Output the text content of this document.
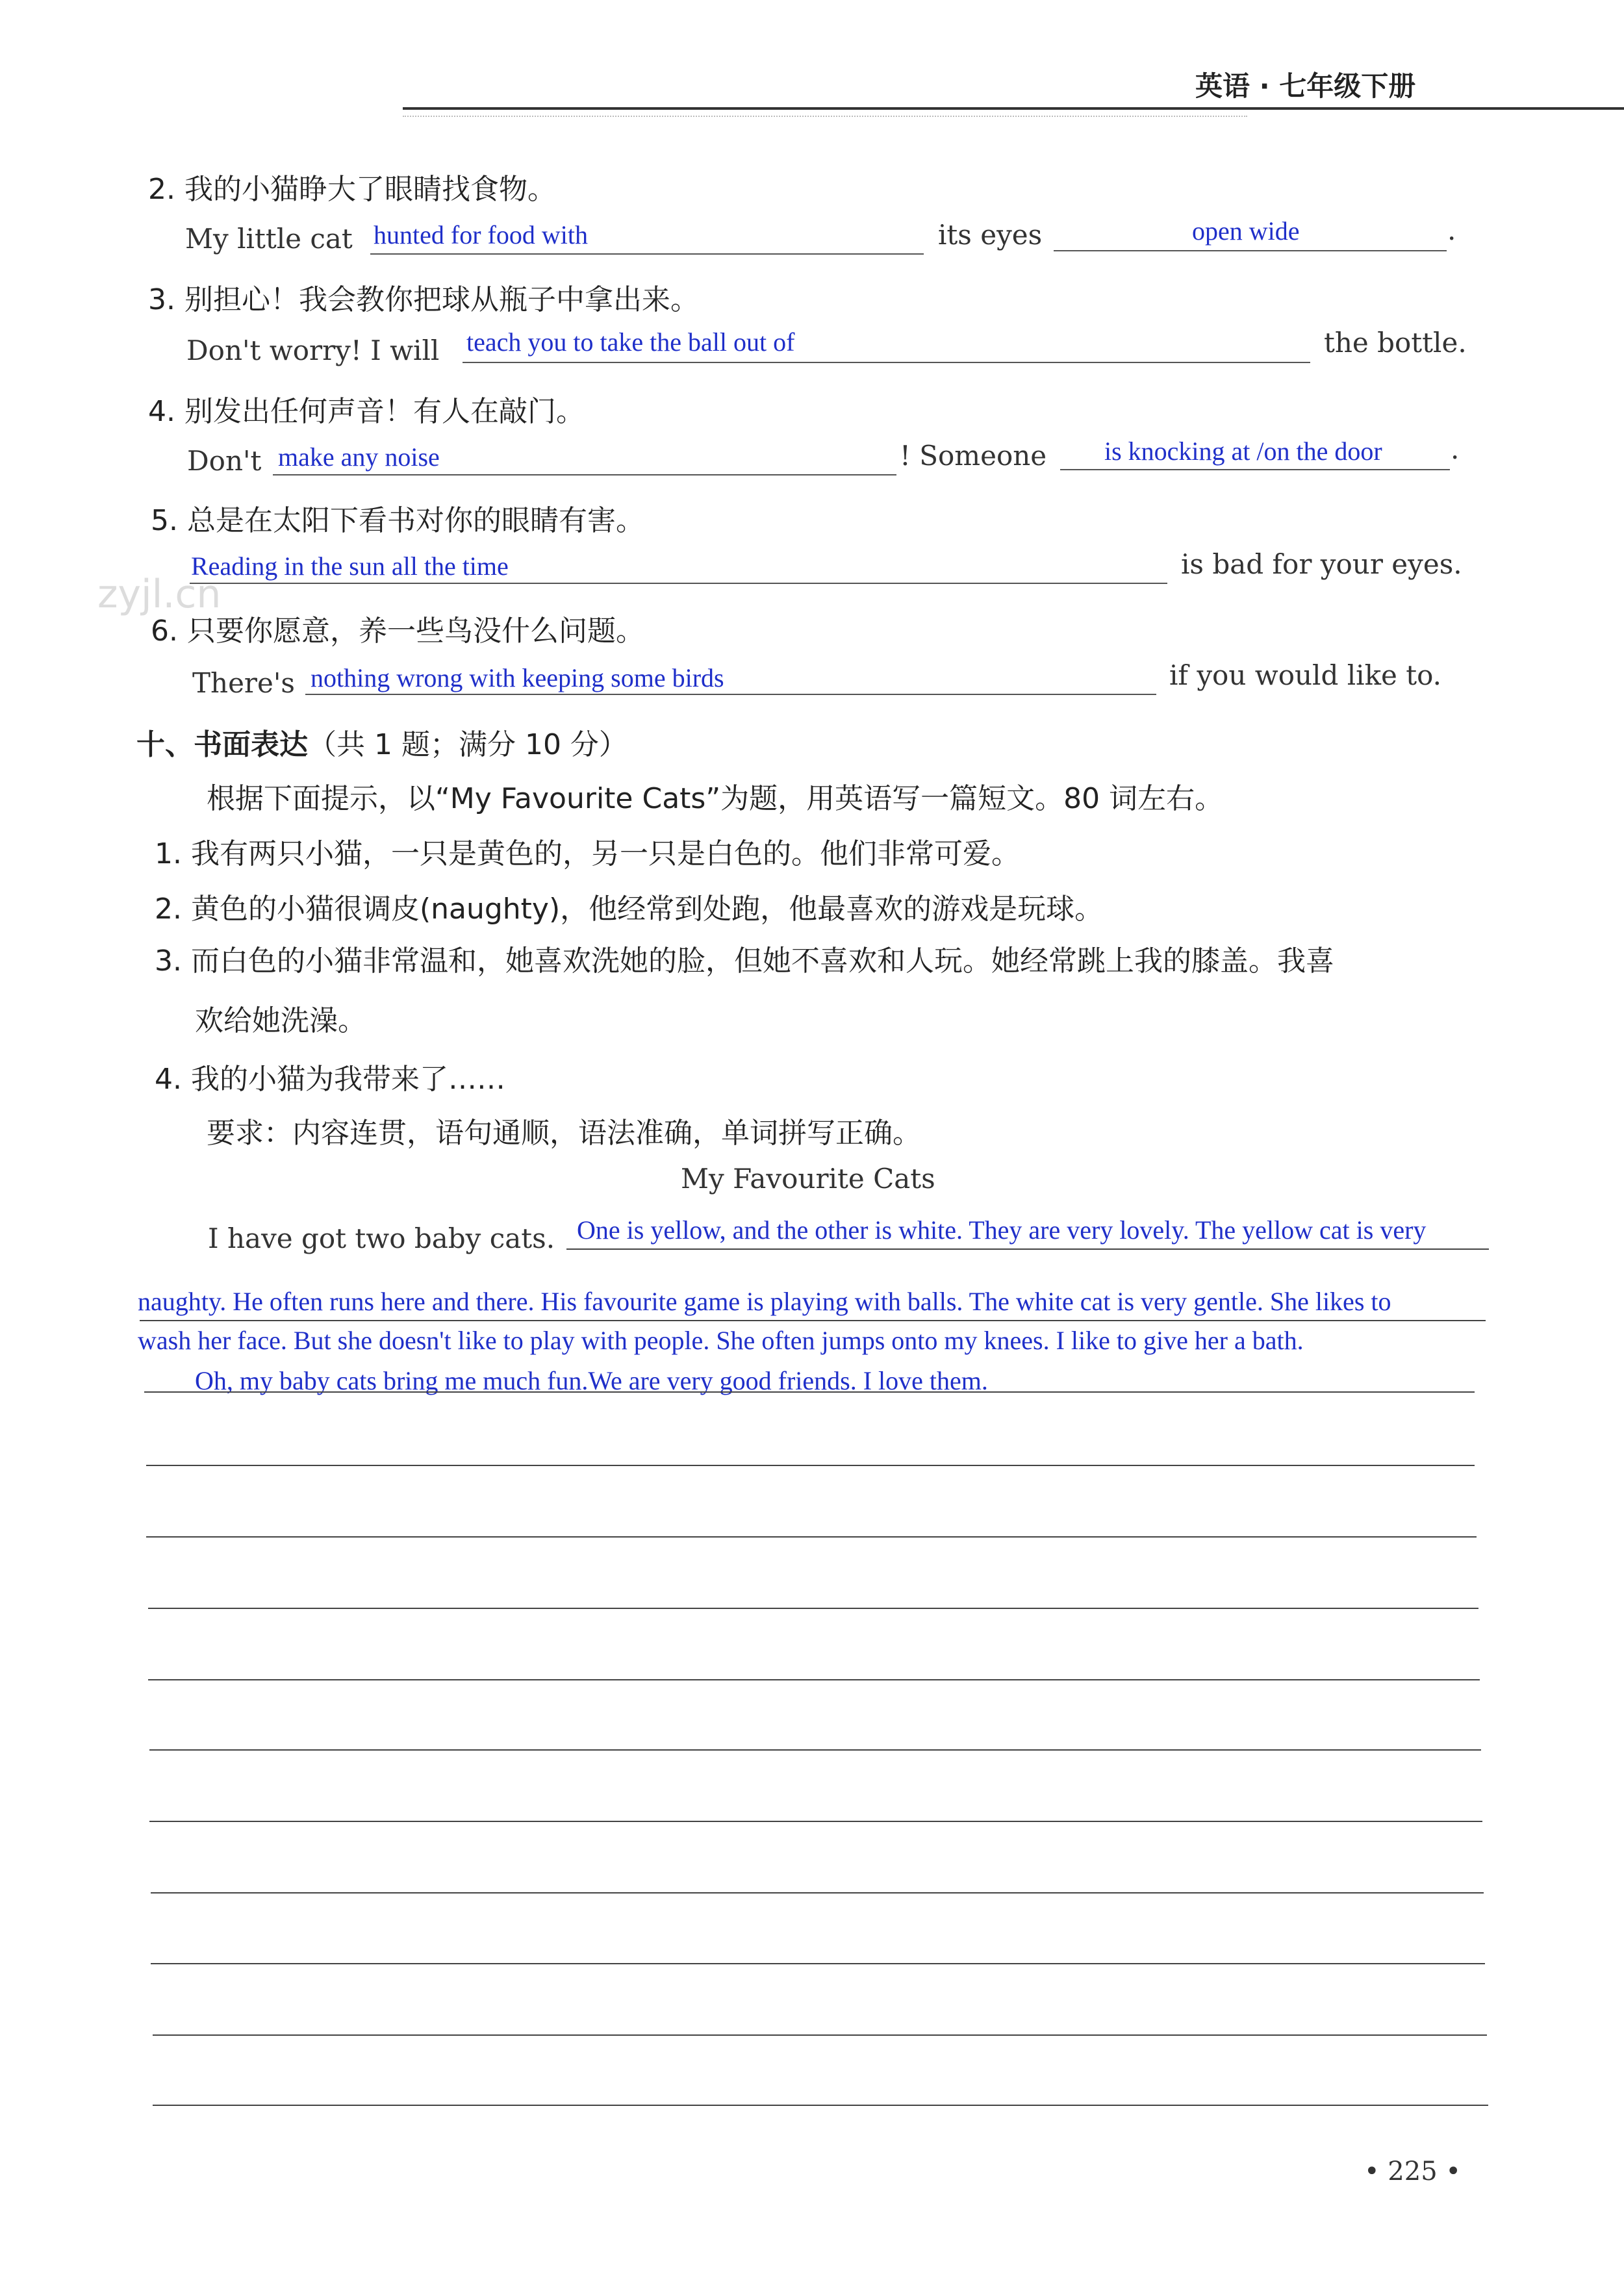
英语 · 七年级下册
zyjl.cn
2. 我的小猫睁大了眼睛找食物。
My little cat hunted for food with	its eyes	open wide	.
3. 别担心！我会教你把球从瓶子中拿出来。
Don't worry! I will teach you to take the ball out of	the bottle.
4. 别发出任何声音！有人在敲门。
Don't make any noise	! Someone is knocking at /on the door	.
5. 总是在太阳下看书对你的眼睛有害。
Reading in the sun all the time	is bad for your eyes.
6. 只要你愿意，养一些鸟没什么问题。
There's nothing wrong with keeping some birds	if you would like to.
十、书面表达（共 1 题；满分 10 分）
根据下面提示，以“My Favourite Cats”为题，用英语写一篇短文。80 词左右。
1. 我有两只小猫，一只是黄色的，另一只是白色的。他们非常可爱。
2. 黄色的小猫很调皮(naughty)，他经常到处跑，他最喜欢的游戏是玩球。
3. 而白色的小猫非常温和，她喜欢洗她的脸，但她不喜欢和人玩。她经常跳上我的膝盖。我喜
欢给她洗澡。
4. 我的小猫为我带来了……
要求：内容连贯，语句通顺，语法准确，单词拼写正确。
My Favourite Cats
I have got two baby cats. One is yellow, and the other is white. They are very lovely. The yellow cat is very
naughty. He often runs here and there. His favourite game is playing with balls. The white cat is very gentle. She likes to
wash her face. But she doesn't like to play with people. She often jumps onto my knees. I like to give her a bath.
Oh, my baby cats bring me much fun.We are very good friends. I love them.
• 225 •
